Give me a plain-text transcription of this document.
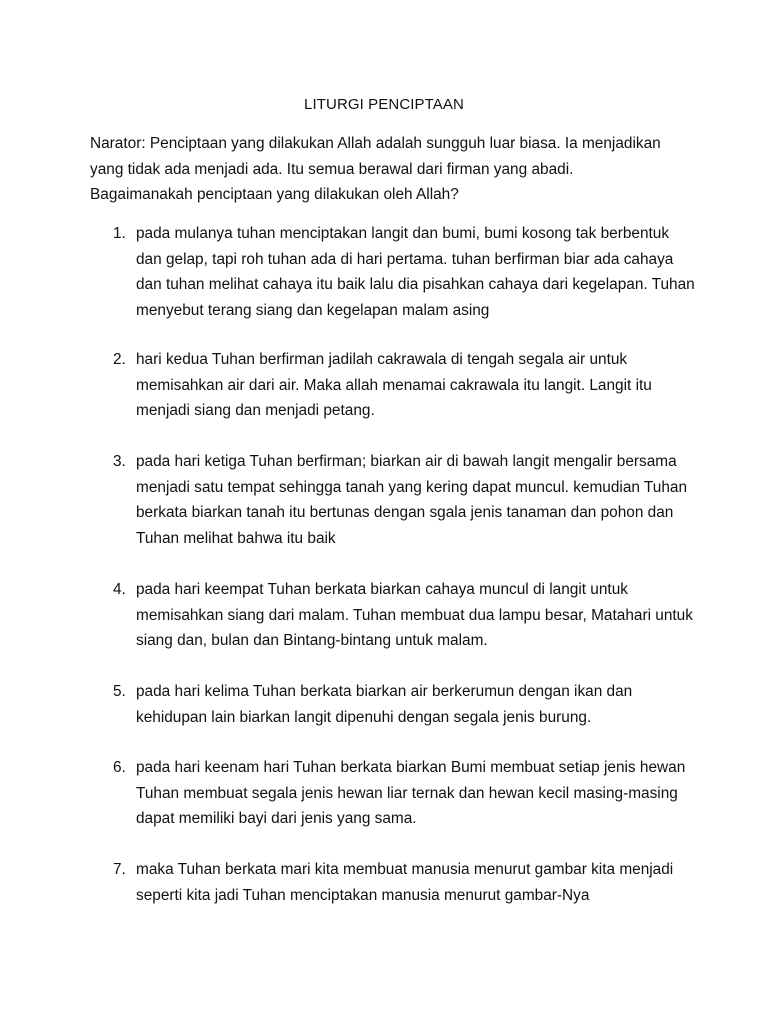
LITURGI PENCIPTAAN

Narator: Penciptaan yang dilakukan Allah adalah sungguh luar biasa. Ia menjadikan yang tidak ada menjadi ada. Itu semua berawal dari firman yang abadi. Bagaimanakah penciptaan yang dilakukan oleh Allah?

1. pada mulanya tuhan menciptakan langit dan bumi, bumi kosong tak berbentuk dan gelap, tapi roh tuhan ada di hari pertama. tuhan berfirman biar ada cahaya dan tuhan melihat cahaya itu baik lalu dia pisahkan cahaya dari kegelapan. Tuhan menyebut terang siang dan kegelapan malam asing
2. hari kedua Tuhan berfirman jadilah cakrawala di tengah segala air untuk memisahkan air dari air. Maka allah menamai cakrawala itu langit. Langit itu menjadi siang dan menjadi petang.
3. pada hari ketiga Tuhan berfirman; biarkan air di bawah langit mengalir bersama menjadi satu tempat sehingga tanah yang kering dapat muncul. kemudian Tuhan berkata biarkan tanah itu bertunas dengan sgala jenis tanaman dan pohon dan Tuhan melihat bahwa itu baik
4. pada hari keempat Tuhan berkata biarkan cahaya muncul di langit untuk memisahkan siang dari malam. Tuhan membuat dua lampu besar, Matahari untuk siang dan, bulan dan Bintang-bintang untuk malam.
5. pada hari kelima Tuhan berkata biarkan air berkerumun dengan ikan dan kehidupan lain biarkan langit dipenuhi dengan segala jenis burung.
6. pada hari keenam hari Tuhan berkata biarkan Bumi membuat setiap jenis hewan Tuhan membuat segala jenis hewan liar ternak dan hewan kecil masing-masing dapat memiliki bayi dari jenis yang sama.
7. maka Tuhan berkata mari kita membuat manusia menurut gambar kita menjadi seperti kita jadi Tuhan menciptakan manusia menurut gambar-Nya
